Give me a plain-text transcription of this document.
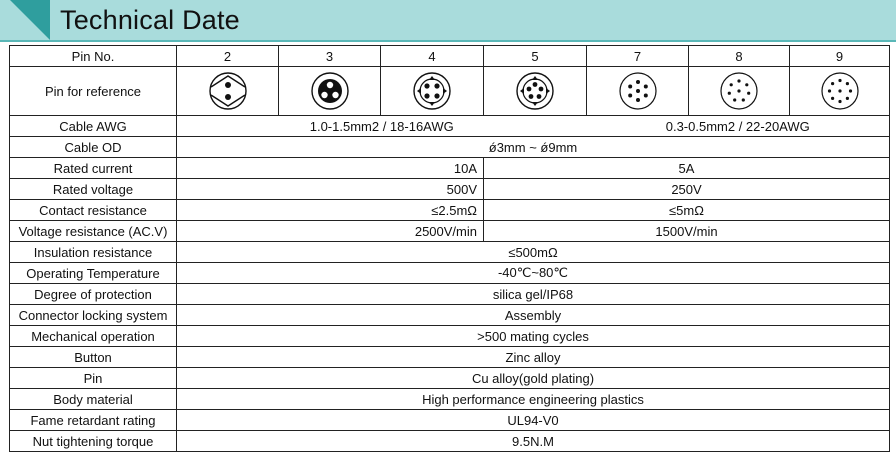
Technical Date
Pin No.	2	3	4	5	7	8	9
Pin for reference	

Cable AWG	1.0-1.5mm2 / 18-16AWG				0.3-0.5mm2 / 22-20AWG		
Cable OD	ǿ3mm ~ ǿ9mm						
Rated current	10A			5A			
Rated voltage	500V			250V			
Contact resistance	≤2.5mΩ			≤5mΩ			
Voltage resistance (AC.V)	2500V/min			1500V/min			
Insulation resistance	≤500mΩ						
Operating Temperature	-40℃~80℃						
Degree of protection	silica gel/IP68						
Connector locking system	Assembly						
Mechanical operation	>500 mating cycles						
Button	Zinc alloy						
Pin	Cu alloy(gold plating)						
Body material	High performance engineering plastics						
Fame retardant rating	UL94-V0						
Nut tightening torque	9.5N.M						
